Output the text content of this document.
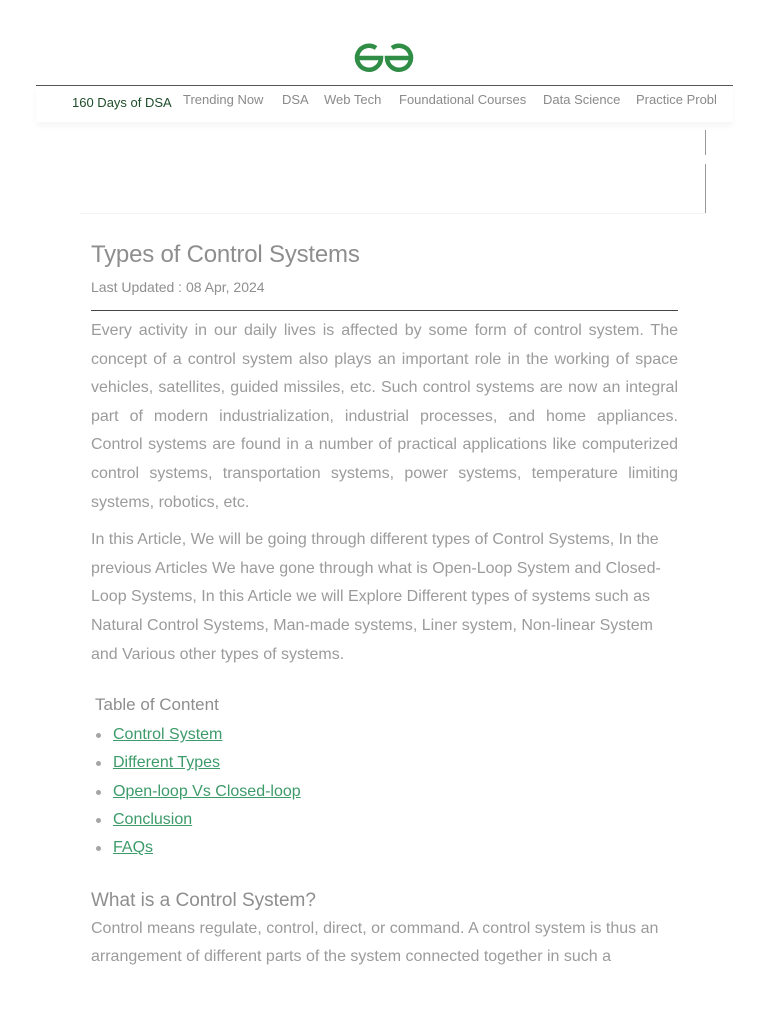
160 Days of DSA Trending Now DSA Web Tech Foundational Courses Data Science Practice Probl
Types of Control Systems
Last Updated : 08 Apr, 2024

Every activity in our daily lives is affected by some form of control system. The concept of a control system also plays an important role in the working of space vehicles, satellites, guided missiles, etc. Such control systems are now an integral part of modern industrialization, industrial processes, and home appliances. Control systems are found in a number of practical applications like computerized control systems, transportation systems, power systems, temperature limiting systems, robotics, etc.

In this Article, We will be going through different types of Control Systems, In the previous Articles We have gone through what is Open-Loop System and Closed-Loop Systems, In this Article we will Explore Different types of systems such as Natural Control Systems, Man-made systems, Liner system, Non-linear System and Various other types of systems.

Table of Content
Control System
Different Types
Open-loop Vs Closed-loop
Conclusion
FAQs
What is a Control System?

Control means regulate, control, direct, or command. A control system is thus an arrangement of different parts of the system connected together in such a
